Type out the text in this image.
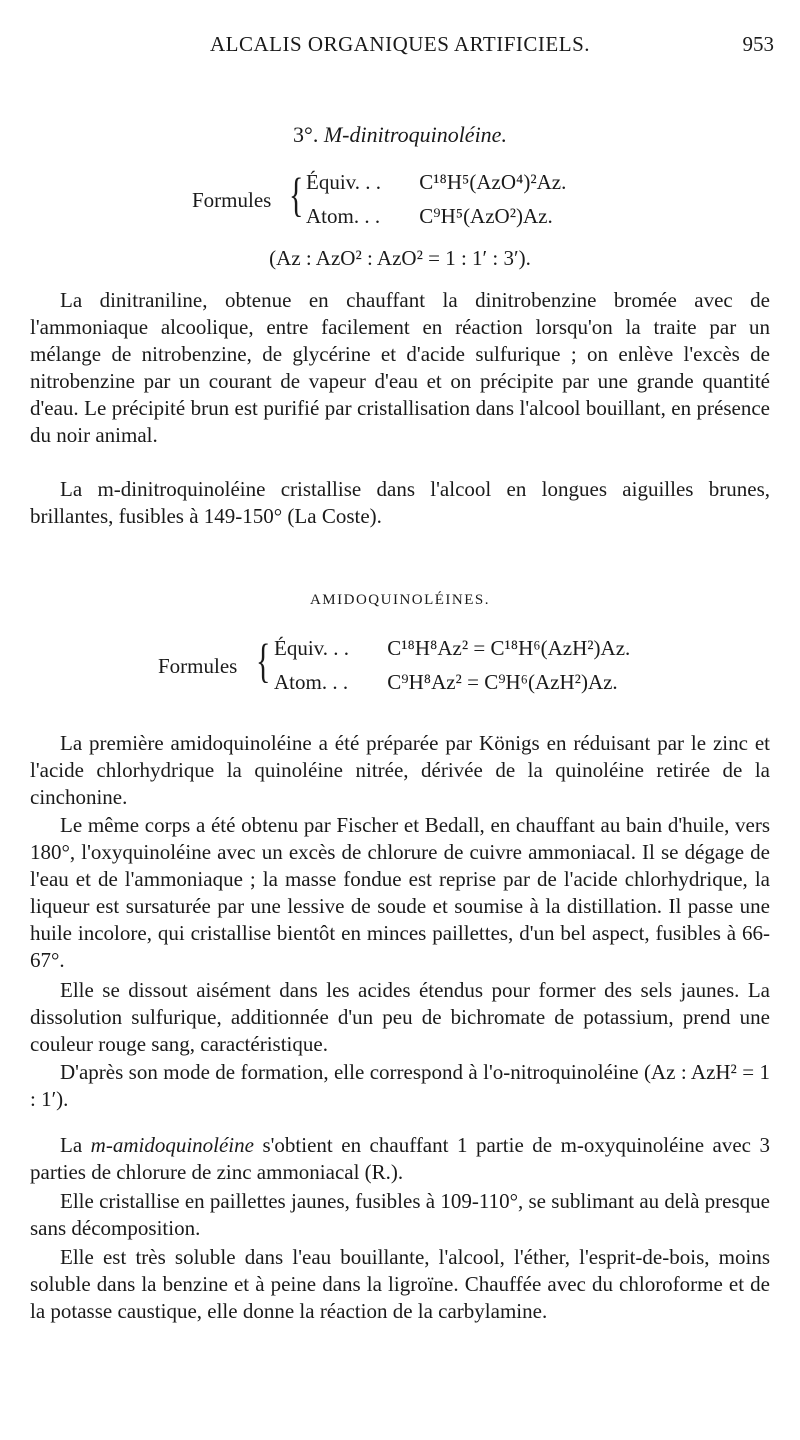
ALCALIS ORGANIQUES ARTIFICIELS.	953
3°. M-dinitroquinoléine.
Formules { Équiv. . . C¹⁸H⁵(AzO⁴)²Az.
Atom. . . C⁹H⁵(AzO²)Az.
(Az : AzO² : AzO² = 1 : 1′ : 3′).

La dinitraniline, obtenue en chauffant la dinitrobenzine bromée avec de l'ammoniaque alcoolique, entre facilement en réaction lorsqu'on la traite par un mélange de nitrobenzine, de glycérine et d'acide sulfurique ; on enlève l'excès de nitrobenzine par un courant de vapeur d'eau et on précipite par une grande quantité d'eau. Le précipité brun est purifié par cristallisation dans l'alcool bouillant, en présence du noir animal.

La m-dinitroquinoléine cristallise dans l'alcool en longues aiguilles brunes, brillantes, fusibles à 149-150° (La Coste).

AMIDOQUINOLÉINES.
Formules { Équiv. . . C¹⁸H⁸Az² = C¹⁸H⁶(AzH²)Az.
Atom. . . C⁹H⁸Az² = C⁹H⁶(AzH²)Az.

La première amidoquinoléine a été préparée par Königs en réduisant par le zinc et l'acide chlorhydrique la quinoléine nitrée, dérivée de la quinoléine retirée de la cinchonine.

Le même corps a été obtenu par Fischer et Bedall, en chauffant au bain d'huile, vers 180°, l'oxyquinoléine avec un excès de chlorure de cuivre ammoniacal. Il se dégage de l'eau et de l'ammoniaque ; la masse fondue est reprise par de l'acide chlorhydrique, la liqueur est sursaturée par une lessive de soude et soumise à la distillation. Il passe une huile incolore, qui cristallise bientôt en minces paillettes, d'un bel aspect, fusibles à 66-67°.

Elle se dissout aisément dans les acides étendus pour former des sels jaunes. La dissolution sulfurique, additionnée d'un peu de bichromate de potassium, prend une couleur rouge sang, caractéristique.

D'après son mode de formation, elle correspond à l'o-nitroquinoléine (Az : AzH² = 1 : 1′).

La m-amidoquinoléine s'obtient en chauffant 1 partie de m-oxyquinoléine avec 3 parties de chlorure de zinc ammoniacal (R.).

Elle cristallise en paillettes jaunes, fusibles à 109-110°, se sublimant au delà presque sans décomposition.

Elle est très soluble dans l'eau bouillante, l'alcool, l'éther, l'esprit-de-bois, moins soluble dans la benzine et à peine dans la ligroïne. Chauffée avec du chloroforme et de la potasse caustique, elle donne la réaction de la carbylamine.
